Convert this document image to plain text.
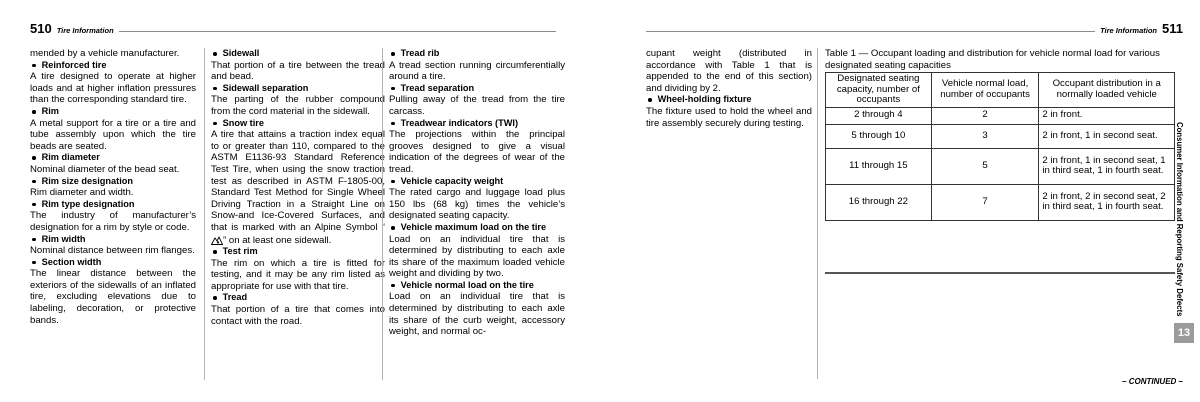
510 Tire Information

mended by a vehicle manufacturer.

Reinforced tire

A tire designed to operate at higher loads and at higher inflation pressures than the corresponding standard tire.

Rim

A metal support for a tire or a tire and tube assembly upon which the tire beads are seated.

Rim diameter

Nominal diameter of the bead seat.

Rim size designation

Rim diameter and width.

Rim type designation

The industry of manufacturer’s designation for a rim by style or code.

Rim width

Nominal distance between rim flanges.

Section width

The linear distance between the exteriors of the sidewalls of an inflated tire, excluding elevations due to labeling, decoration, or protective bands.

Sidewall

That portion of a tire between the tread and bead.

Sidewall separation

The parting of the rubber compound from the cord material in the sidewall.

Snow tire

A tire that attains a traction index equal to or greater than 110, compared to the ASTM E1136-93 Standard Reference Test Tire, when using the snow traction test as described in ASTM F-1805-00, Standard Test Method for Single Wheel Driving Traction in a Straight Line on Snow-and Ice-Covered Surfaces, and that is marked with an Alpine Symbol “” on at least one sidewall.

Test rim

The rim on which a tire is fitted for testing, and it may be any rim listed as appropriate for use with that tire.

Tread

That portion of a tire that comes into contact with the road.

Tread rib

A tread section running circumferentially around a tire.

Tread separation

Pulling away of the tread from the tire carcass.

Treadwear indicators (TWI)

The projections within the principal grooves designed to give a visual indication of the degrees of wear of the tread.

Vehicle capacity weight

The rated cargo and luggage load plus 150 lbs (68 kg) times the vehicle’s designated seating capacity.

Vehicle maximum load on the tire

Load on an individual tire that is determined by distributing to each axle its share of the maximum loaded vehicle weight and dividing by two.

Vehicle normal load on the tire

Load on an individual tire that is determined by distributing to each axle its share of the curb weight, accessory weight, and normal oc-

Tire Information 511

cupant weight (distributed in accordance with Table 1 that is appended to the end of this section) and dividing by 2.

Wheel-holding fixture

The fixture used to hold the wheel and tire assembly securely during testing.

Table 1 — Occupant loading and distribution for vehicle normal load for various designated seating capacities
Designated seating capacity, number of occupants	Vehicle normal load, number of occupants	Occupant distribution in a normally loaded vehicle
2 through 4	2	2 in front.
5 through 10	3	2 in front, 1 in second seat.
11 through 15	5	2 in front, 1 in second seat, 1 in third seat, 1 in fourth seat.
16 through 22	7	2 in front, 2 in second seat, 2 in third seat, 1 in fourth seat. Consumer Information and Reporting Safety Defects
13
– CONTINUED –
